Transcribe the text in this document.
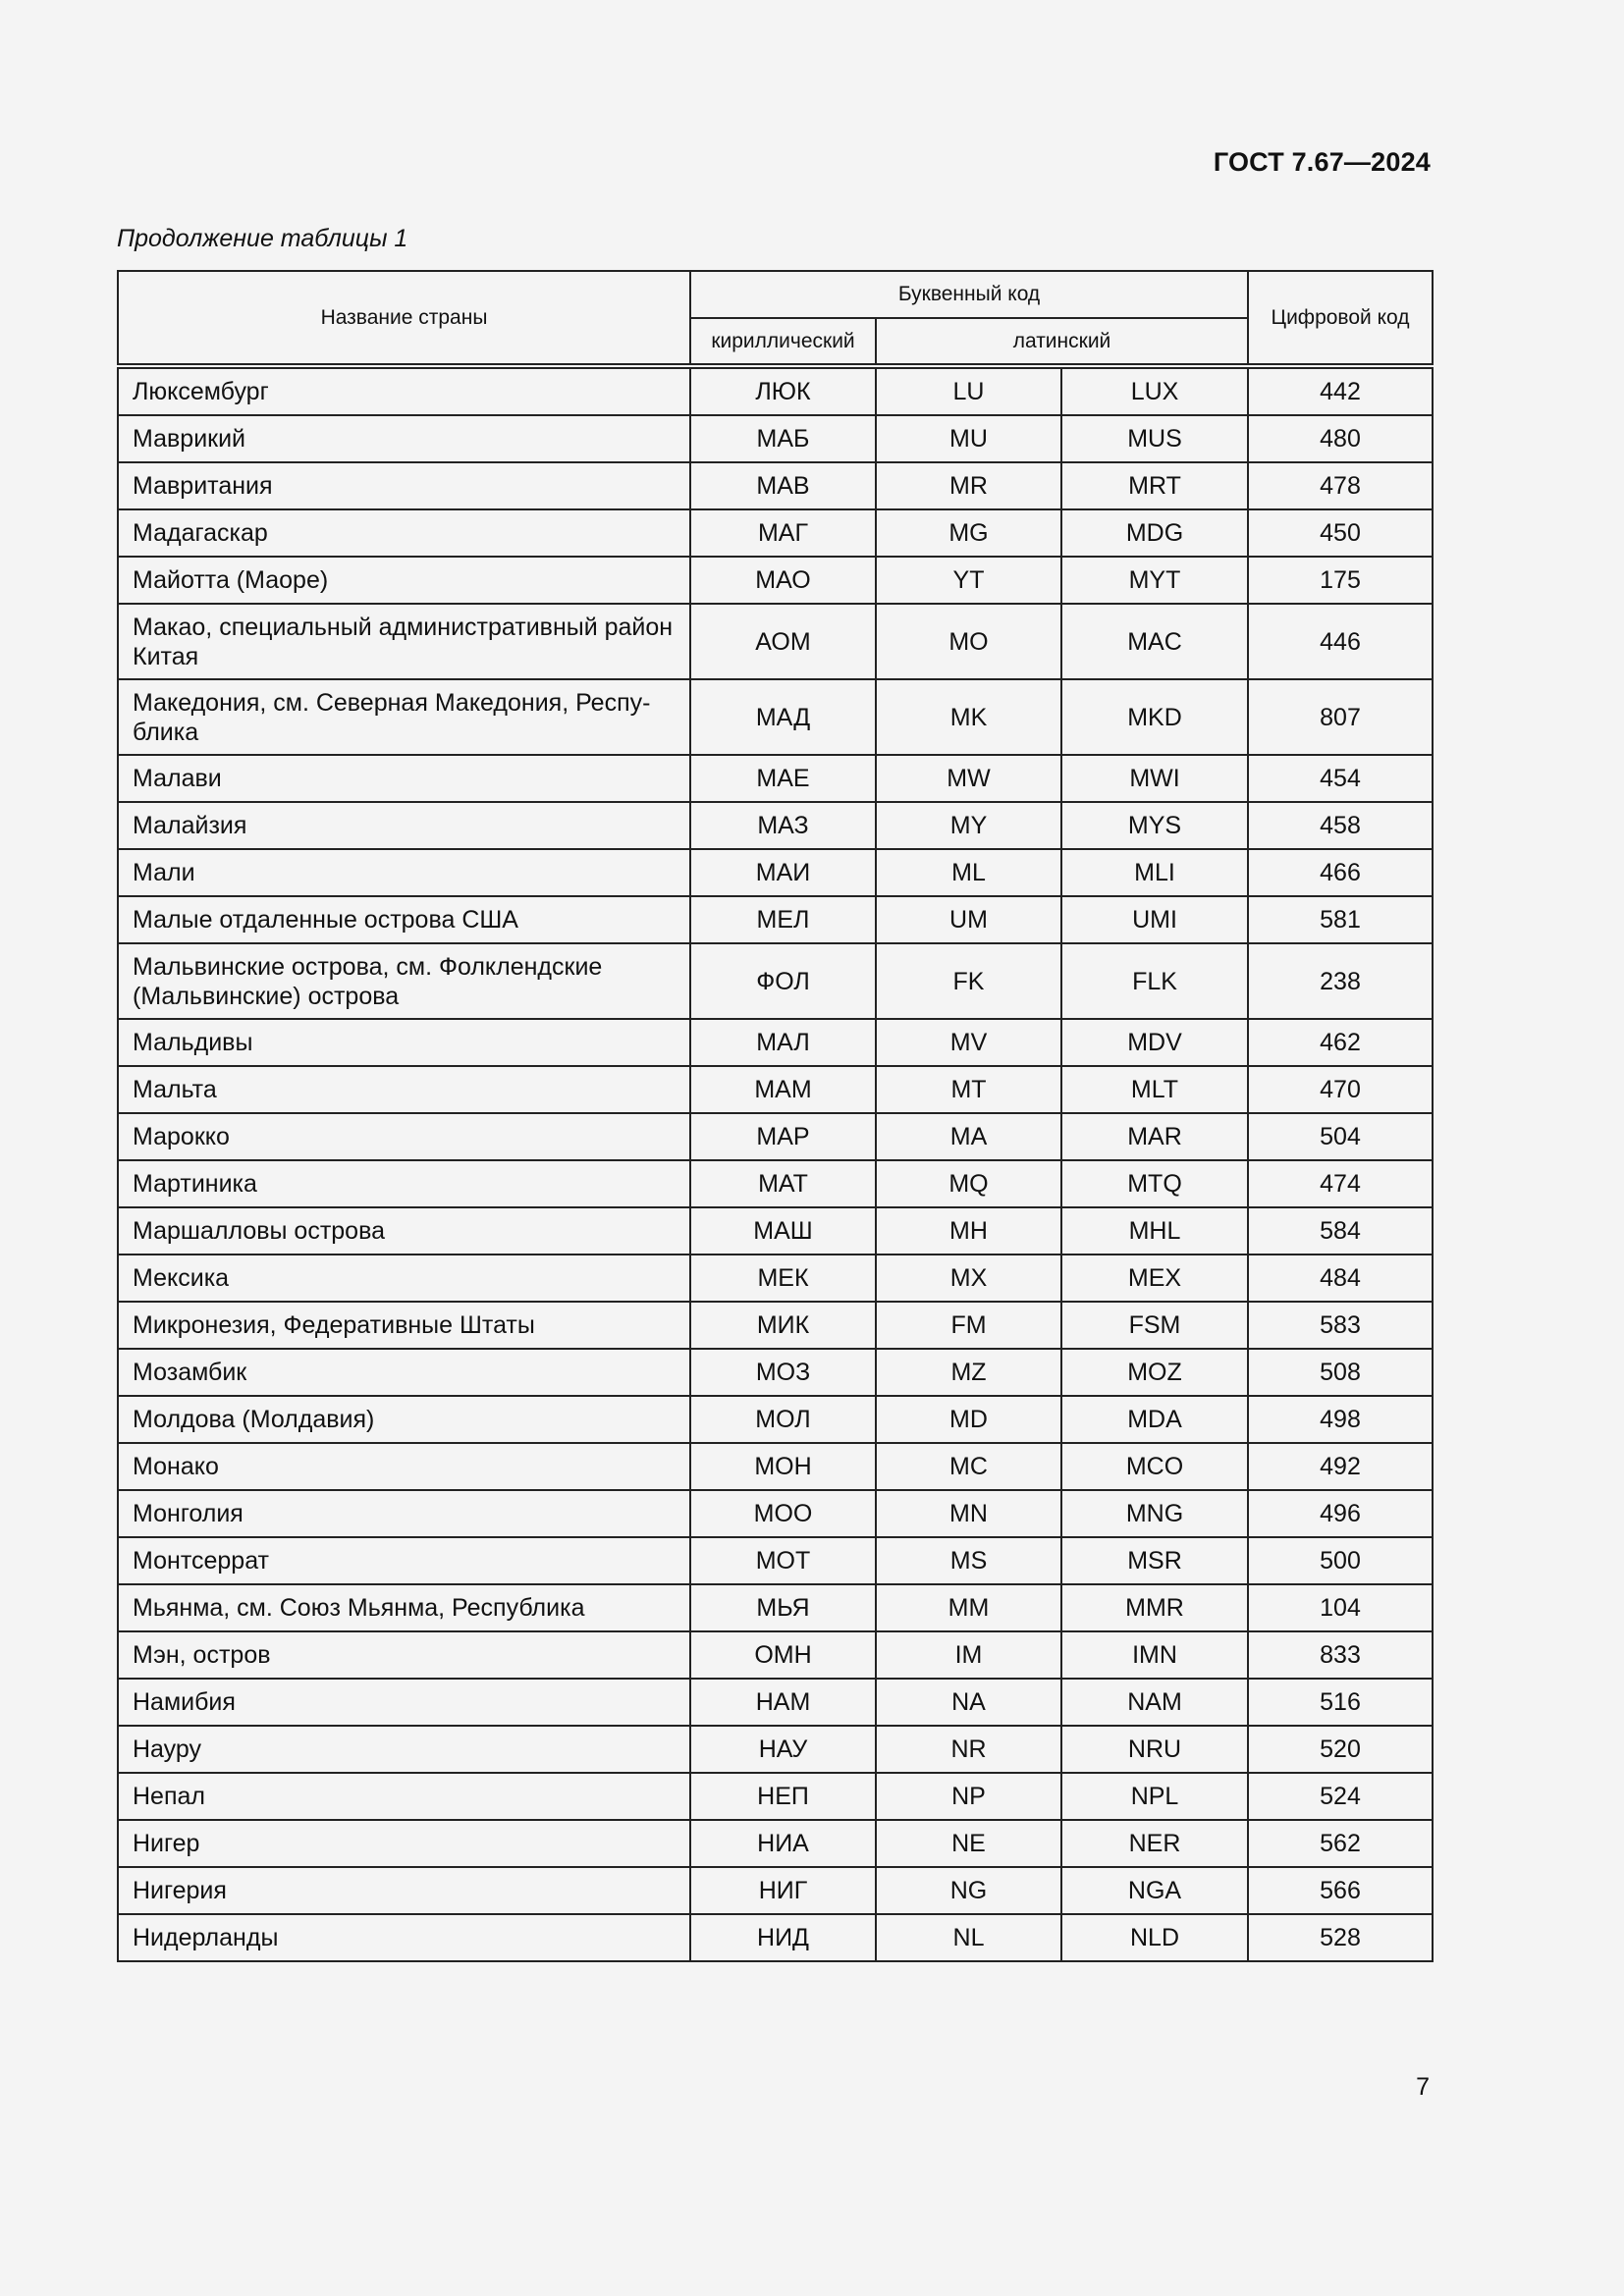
ГОСТ 7.67—2024
Продолжение таблицы 1
Название страны	Буквенный код			Цифровой код
	кириллический	латинский		
Люксембург	ЛЮК	LU	LUX	442
Маврикий	МАБ	MU	MUS	480
Мавритания	МАВ	MR	MRT	478
Мадагаскар	МАГ	MG	MDG	450
Майотта (Маоре)	МАО	YT	MYT	175
Макао, специальный административный район Китая	АОМ	MO	MAC	446
Македония, см. Северная Македония, Респу-блика	МАД	MK	MKD	807
Малави	МАЕ	MW	MWI	454
Малайзия	МАЗ	MY	MYS	458
Мали	МАИ	ML	MLI	466
Малые отдаленные острова США	МЕЛ	UM	UMI	581
Мальвинские острова, см. Фолклендские (Мальвинские) острова	ФОЛ	FK	FLK	238
Мальдивы	МАЛ	MV	MDV	462
Мальта	МАМ	MT	MLT	470
Марокко	МАР	MA	MAR	504
Мартиника	МАТ	MQ	MTQ	474
Маршалловы острова	МАШ	MH	MHL	584
Мексика	МЕК	MX	MEX	484
Микронезия, Федеративные Штаты	МИК	FM	FSM	583
Мозамбик	МОЗ	MZ	MOZ	508
Молдова (Молдавия)	МОЛ	MD	MDA	498
Монако	МОН	MC	MCO	492
Монголия	МОО	MN	MNG	496
Монтсеррат	МОТ	MS	MSR	500
Мьянма, см. Союз Мьянма, Республика	МЬЯ	MM	MMR	104
Мэн, остров	ОМН	IM	IMN	833
Намибия	НАМ	NA	NAM	516
Науру	НАУ	NR	NRU	520
Непал	НЕП	NP	NPL	524
Нигер	НИА	NE	NER	562
Нигерия	НИГ	NG	NGA	566
Нидерланды	НИД	NL	NLD	528
7
